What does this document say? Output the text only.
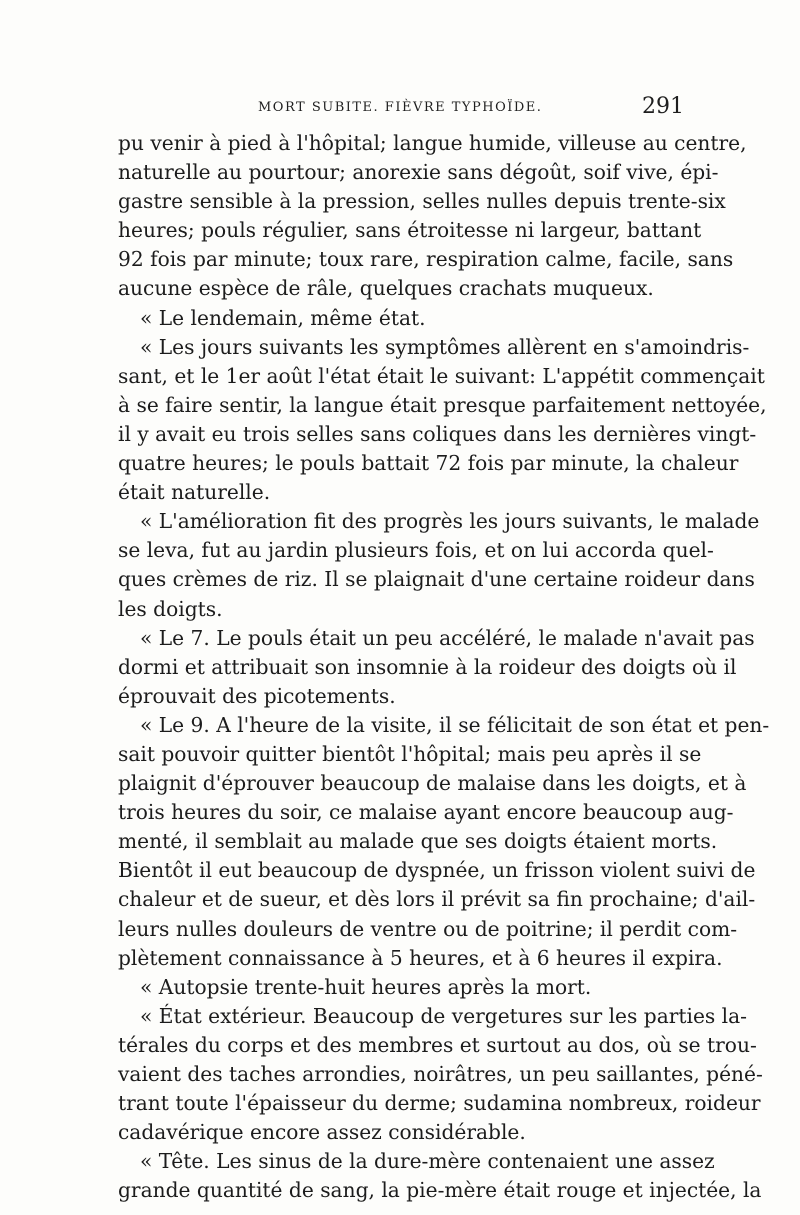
MORT SUBITE. FIÈVRE TYPHOÏDE.	291
pu venir à pied à l'hôpital; langue humide, villeuse au centre,
naturelle au pourtour; anorexie sans dégoût, soif vive, épi-
gastre sensible à la pression, selles nulles depuis trente-six
heures; pouls régulier, sans étroitesse ni largeur, battant
92 fois par minute; toux rare, respiration calme, facile, sans
aucune espèce de râle, quelques crachats muqueux.
« Le lendemain, même état.
« Les jours suivants les symptômes allèrent en s'amoindris-
sant, et le 1er août l'état était le suivant: L'appétit commençait
à se faire sentir, la langue était presque parfaitement nettoyée,
il y avait eu trois selles sans coliques dans les dernières vingt-
quatre heures; le pouls battait 72 fois par minute, la chaleur
était naturelle.
« L'amélioration fit des progrès les jours suivants, le malade
se leva, fut au jardin plusieurs fois, et on lui accorda quel-
ques crèmes de riz. Il se plaignait d'une certaine roideur dans
les doigts.
« Le 7. Le pouls était un peu accéléré, le malade n'avait pas
dormi et attribuait son insomnie à la roideur des doigts où il
éprouvait des picotements.
« Le 9. A l'heure de la visite, il se félicitait de son état et pen-
sait pouvoir quitter bientôt l'hôpital; mais peu après il se
plaignit d'éprouver beaucoup de malaise dans les doigts, et à
trois heures du soir, ce malaise ayant encore beaucoup aug-
menté, il semblait au malade que ses doigts étaient morts.
Bientôt il eut beaucoup de dyspnée, un frisson violent suivi de
chaleur et de sueur, et dès lors il prévit sa fin prochaine; d'ail-
leurs nulles douleurs de ventre ou de poitrine; il perdit com-
plètement connaissance à 5 heures, et à 6 heures il expira.
« Autopsie trente-huit heures après la mort.
« État extérieur. Beaucoup de vergetures sur les parties la-
térales du corps et des membres et surtout au dos, où se trou-
vaient des taches arrondies, noirâtres, un peu saillantes, péné-
trant toute l'épaisseur du derme; sudamina nombreux, roideur
cadavérique encore assez considérable.
« Tête. Les sinus de la dure-mère contenaient une assez
grande quantité de sang, la pie-mère était rouge et injectée, la
